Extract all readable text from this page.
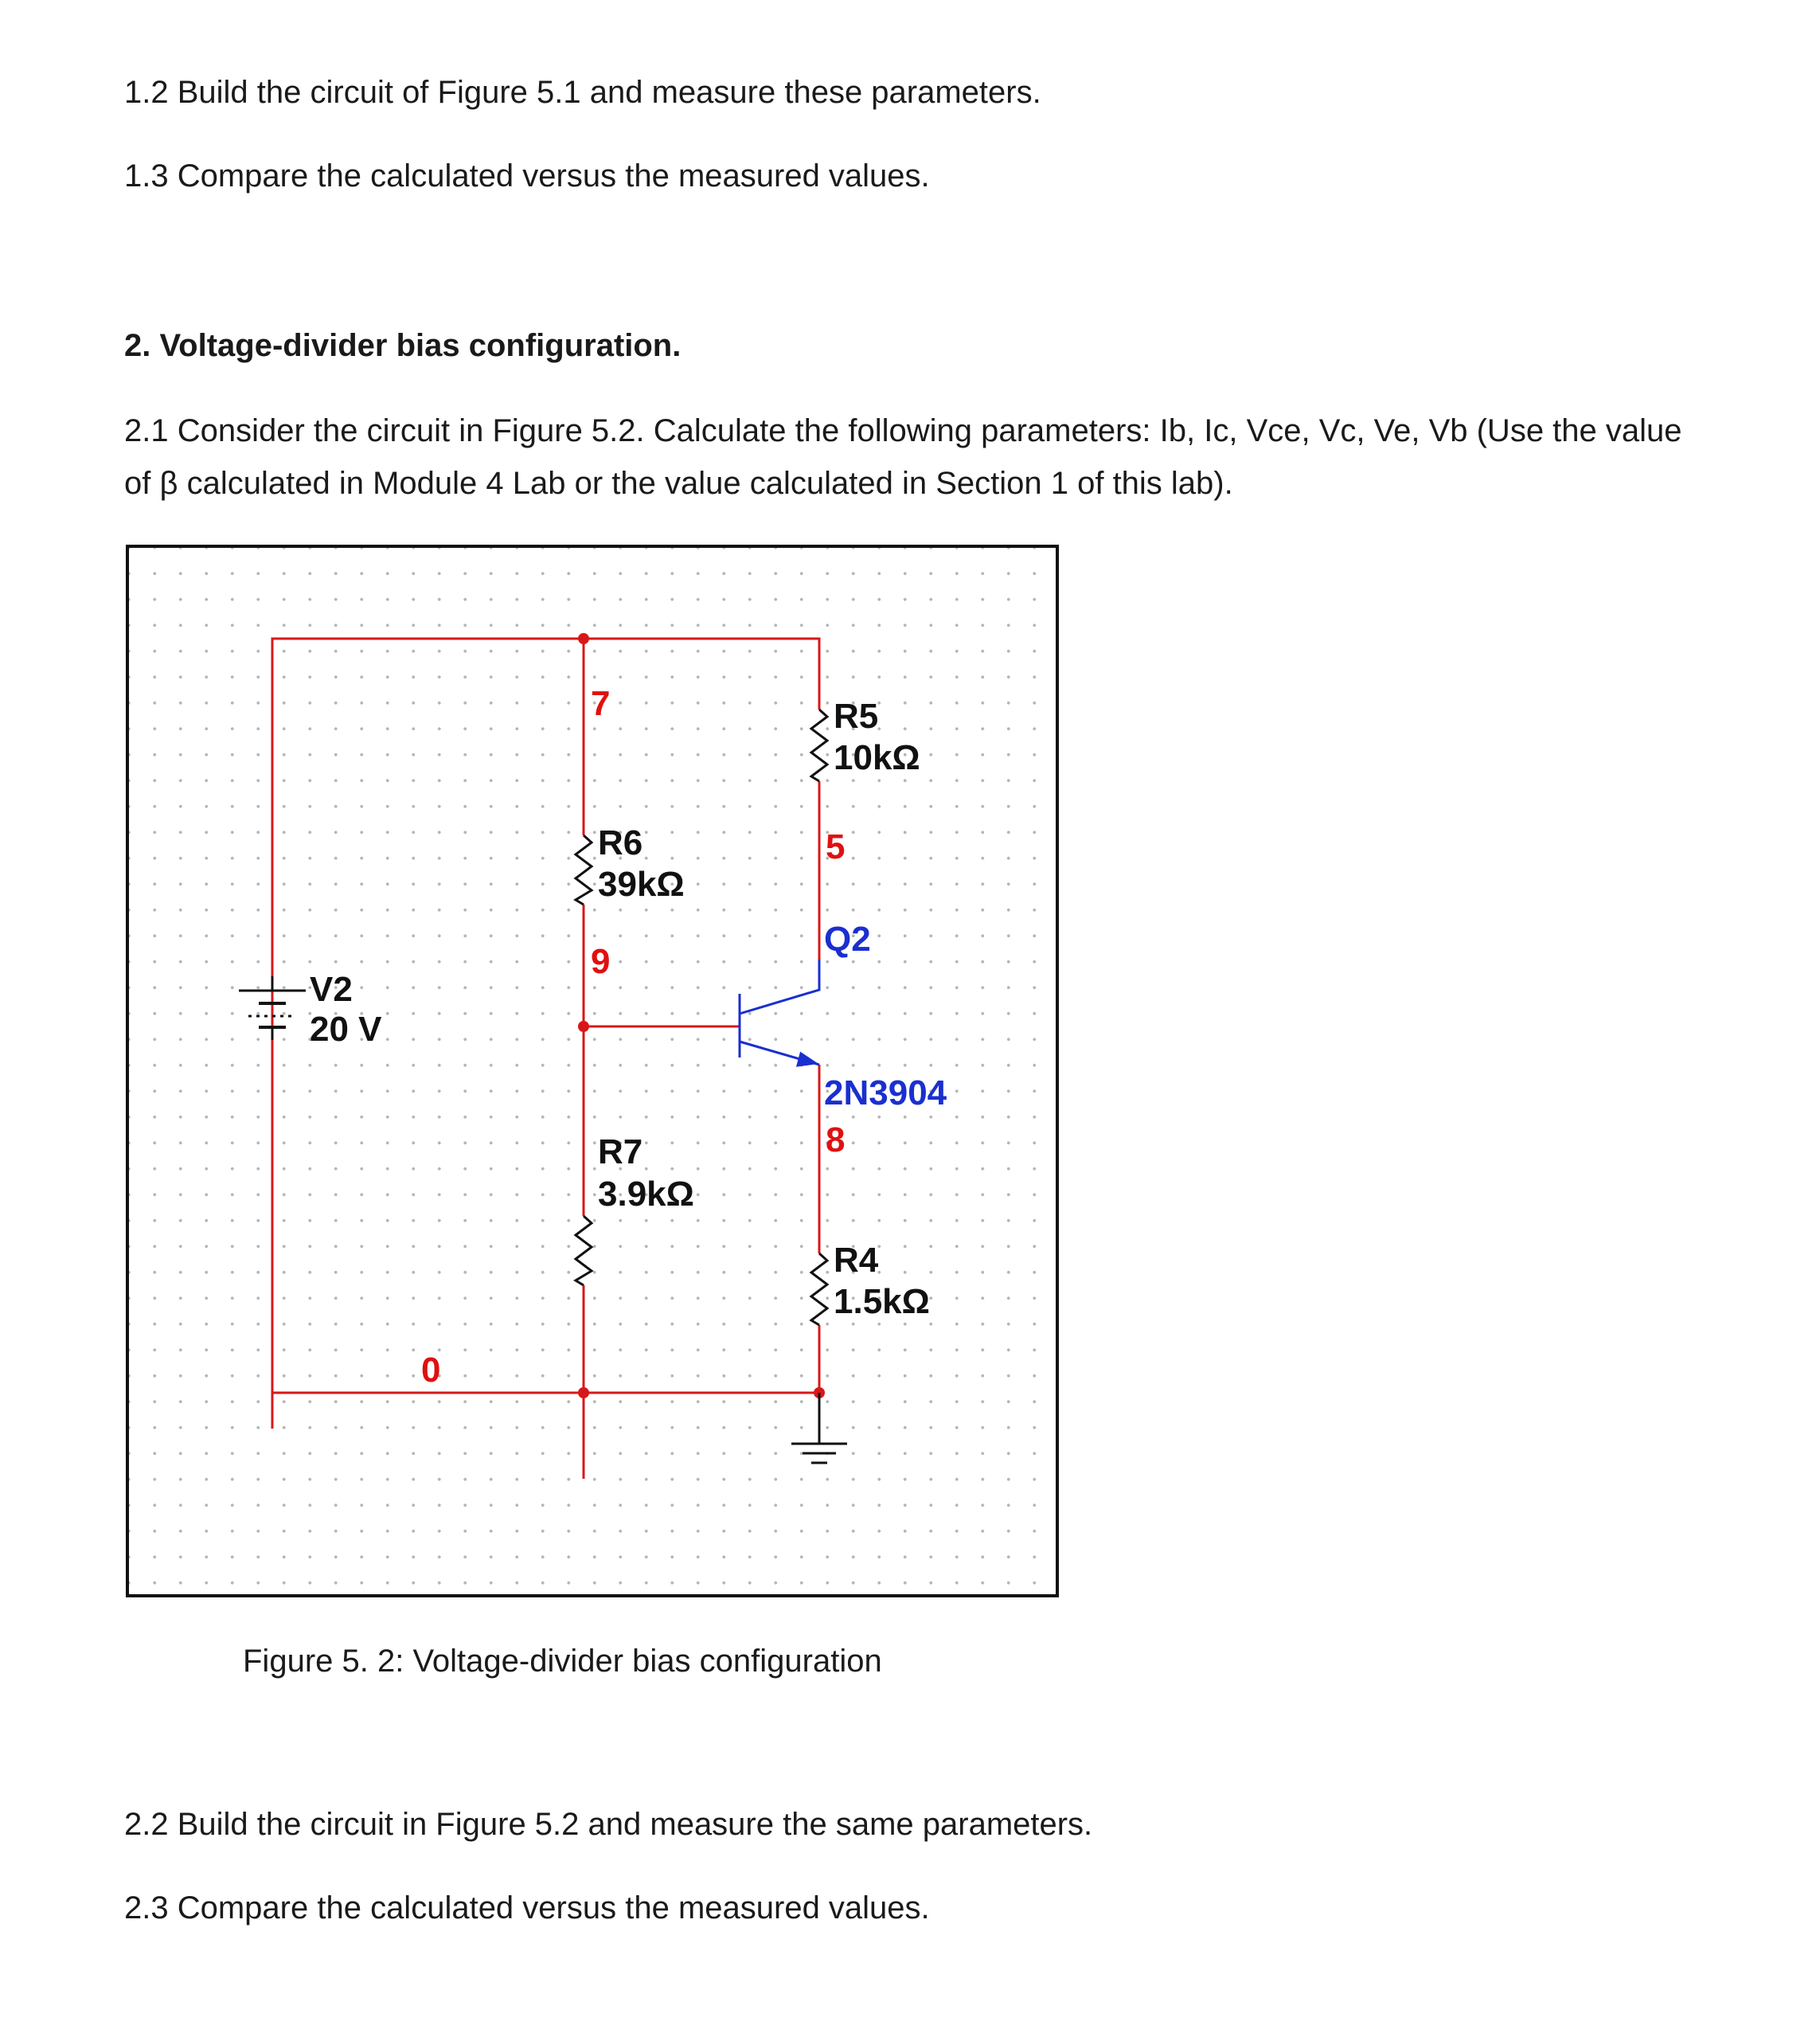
1.2 Build the circuit of Figure 5.1 and measure these parameters.

1.3 Compare the calculated versus the measured values.

2. Voltage-divider bias configuration.

2.1 Consider the circuit in Figure 5.2. Calculate the following parameters: Ib, Ic, Vce, Vc, Ve, Vb (Use the value of β calculated in Module 4 Lab or the value calculated in Section 1 of this lab).

R5
10kΩ
R6
39kΩ
R7
3.9kΩ
R4
1.5kΩ
V2
20 V
Q2
2N3904
7
5
9
8
0
Figure 5. 2: Voltage-divider bias configuration

2.2 Build the circuit in Figure 5.2 and measure the same parameters.

2.3 Compare the calculated versus the measured values.
